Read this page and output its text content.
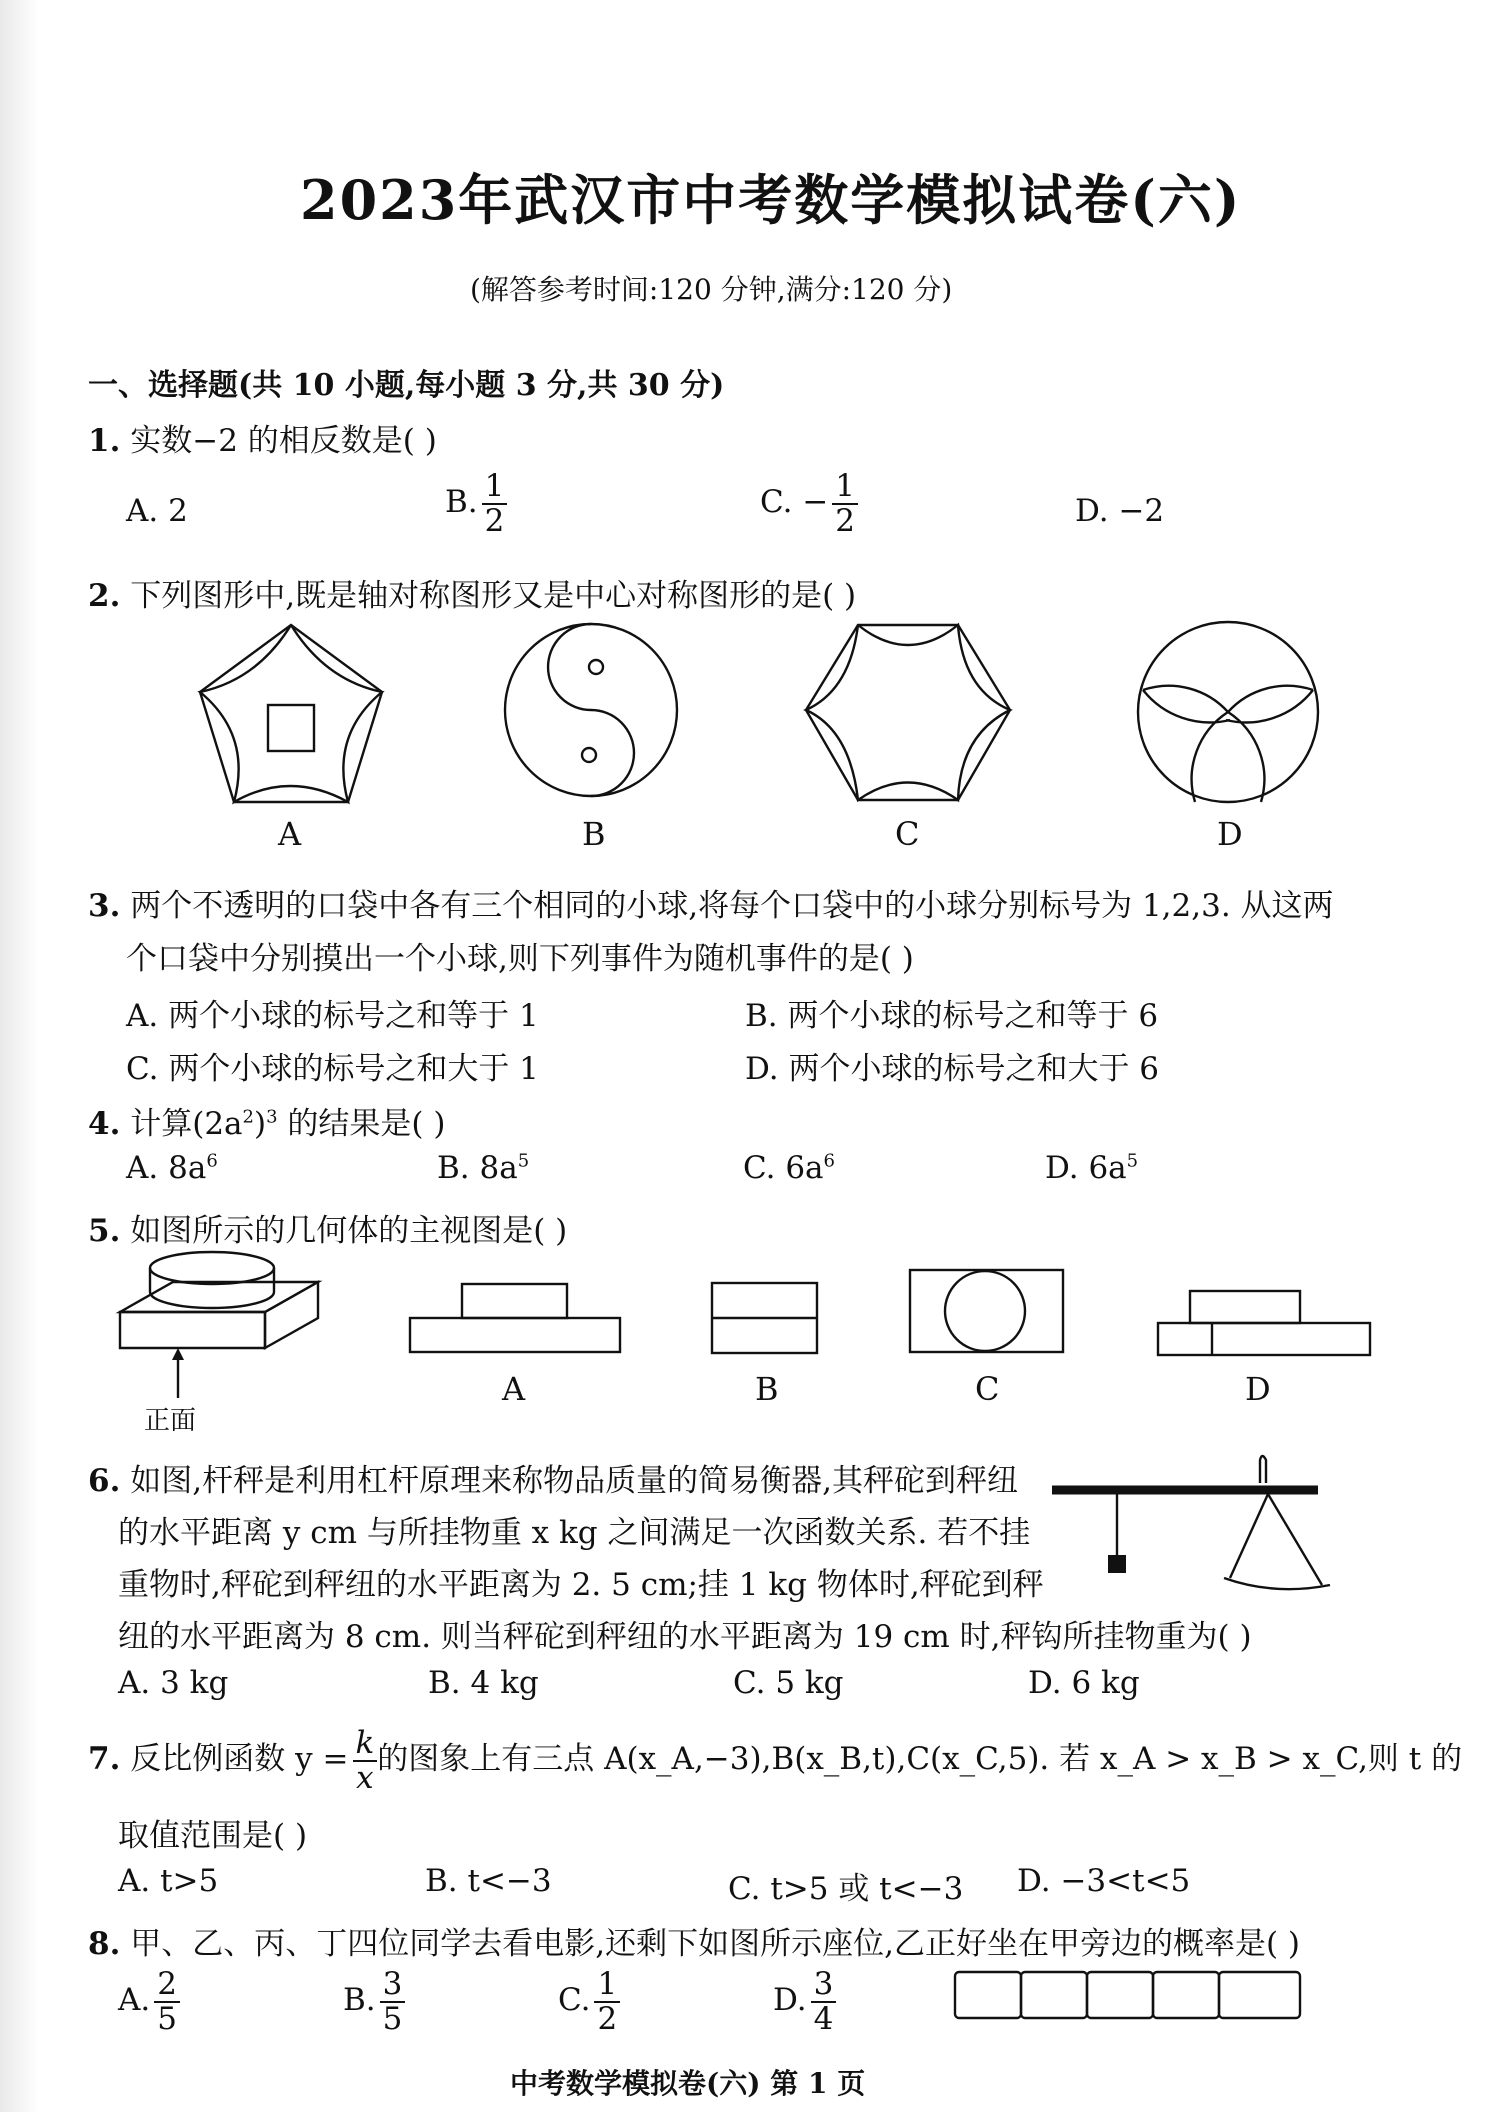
2023年武汉市中考数学模拟试卷(六)
(解答参考时间:120 分钟,满分:120 分)
一、选择题(共 10 小题,每小题 3 分,共 30 分)
1. 实数−2 的相反数是( )
A. 2	B. $\frac{1}{2}$	C. − $\frac{1}{2}$	D. −2
2. 下列图形中,既是轴对称图形又是中心对称图形的是( )
A	B	C	D
3. 两个不透明的口袋中各有三个相同的小球,将每个口袋中的小球分别标号为 1,2,3. 从这两
个口袋中分别摸出一个小球,则下列事件为随机事件的是( )
A. 两个小球的标号之和等于 1	B. 两个小球的标号之和等于 6
C. 两个小球的标号之和大于 1	D. 两个小球的标号之和大于 6
4. 计算$(2a^2)^3$ 的结果是( )
A. $8a^6$	B. $8a^5$	C. $6a^6$	D. $6a^5$
5. 如图所示的几何体的主视图是( )
正面
A	B	C	D
6. 如图,杆秤是利用杠杆原理来称物品质量的简易衡器,其秤砣到秤纽
的水平距离 y cm 与所挂物重 x kg 之间满足一次函数关系. 若不挂
重物时,秤砣到秤纽的水平距离为 2. 5 cm;挂 1 kg 物体时,秤砣到秤
纽的水平距离为 8 cm. 则当秤砣到秤纽的水平距离为 19 cm 时,秤钩所挂物重为( )
A. 3 kg	B. 4 kg	C. 5 kg	D. 6 kg
7. 反比例函数 $y = \frac{k}{x}$ 的图象上有三点 A(x_A,−3),B(x_B,t),C(x_C,5). 若 x_A > x_B > x_C,则 t 的
取值范围是( )
A. t>5	B. t<−3	C. t>5 或 t<−3 D. −3<t<5
8. 甲、乙、丙、丁四位同学去看电影,还剩下如图所示座位,乙正好坐在甲旁边的概率是( )
A. $\frac{2}{5}$	B. $\frac{3}{5}$	C. $\frac{1}{2}$	D. $\frac{3}{4}$
中考数学模拟卷(六) 第 1 页
